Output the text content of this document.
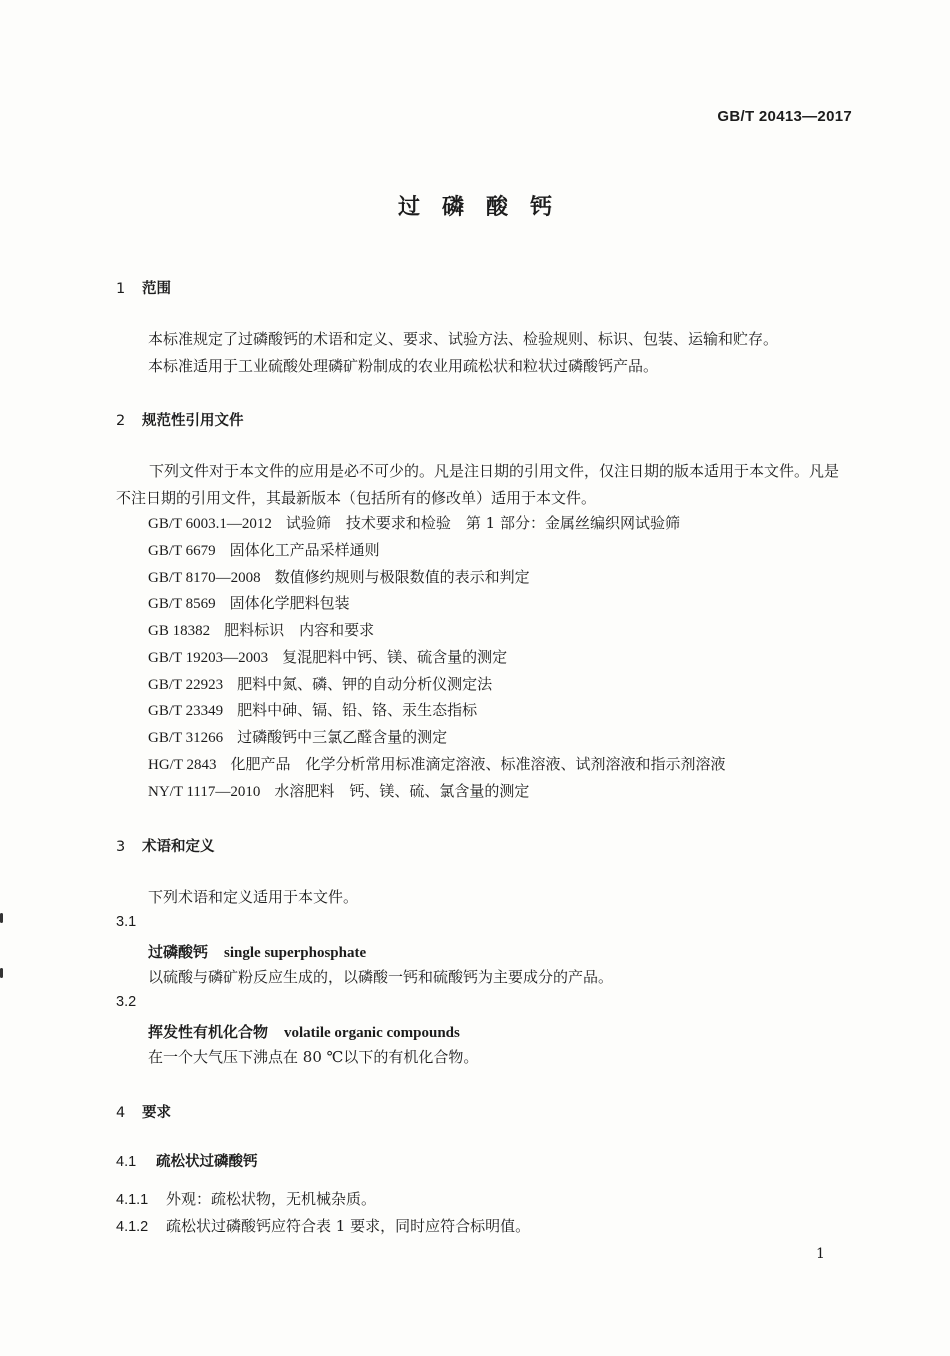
GB/T 20413—2017
过磷酸钙
1 范围
本标准规定了过磷酸钙的术语和定义、要求、试验方法、检验规则、标识、包装、运输和贮存。
本标准适用于工业硫酸处理磷矿粉制成的农业用疏松状和粒状过磷酸钙产品。
2 规范性引用文件
下列文件对于本文件的应用是必不可少的。凡是注日期的引用文件，仅注日期的版本适用于本文件。凡是不注日期的引用文件，其最新版本（包括所有的修改单）适用于本文件。
GB/T 6003.1—2012 试验筛　技术要求和检验　第 1 部分：金属丝编织网试验筛
GB/T 6679 固体化工产品采样通则
GB/T 8170—2008 数值修约规则与极限数值的表示和判定
GB/T 8569 固体化学肥料包装
GB 18382 肥料标识　内容和要求
GB/T 19203—2003 复混肥料中钙、镁、硫含量的测定
GB/T 22923 肥料中氮、磷、钾的自动分析仪测定法
GB/T 23349 肥料中砷、镉、铅、铬、汞生态指标
GB/T 31266 过磷酸钙中三氯乙醛含量的测定
HG/T 2843 化肥产品　化学分析常用标准滴定溶液、标准溶液、试剂溶液和指示剂溶液
NY/T 1117—2010 水溶肥料　钙、镁、硫、氯含量的测定
3 术语和定义
下列术语和定义适用于本文件。
3.1
过磷酸钙 single superphosphate
以硫酸与磷矿粉反应生成的，以磷酸一钙和硫酸钙为主要成分的产品。
3.2
挥发性有机化合物 volatile organic compounds
在一个大气压下沸点在 80 ℃以下的有机化合物。
4 要求
4.1 疏松状过磷酸钙
4.1.1 外观：疏松状物，无机械杂质。
4.1.2 疏松状过磷酸钙应符合表 1 要求，同时应符合标明值。
1
